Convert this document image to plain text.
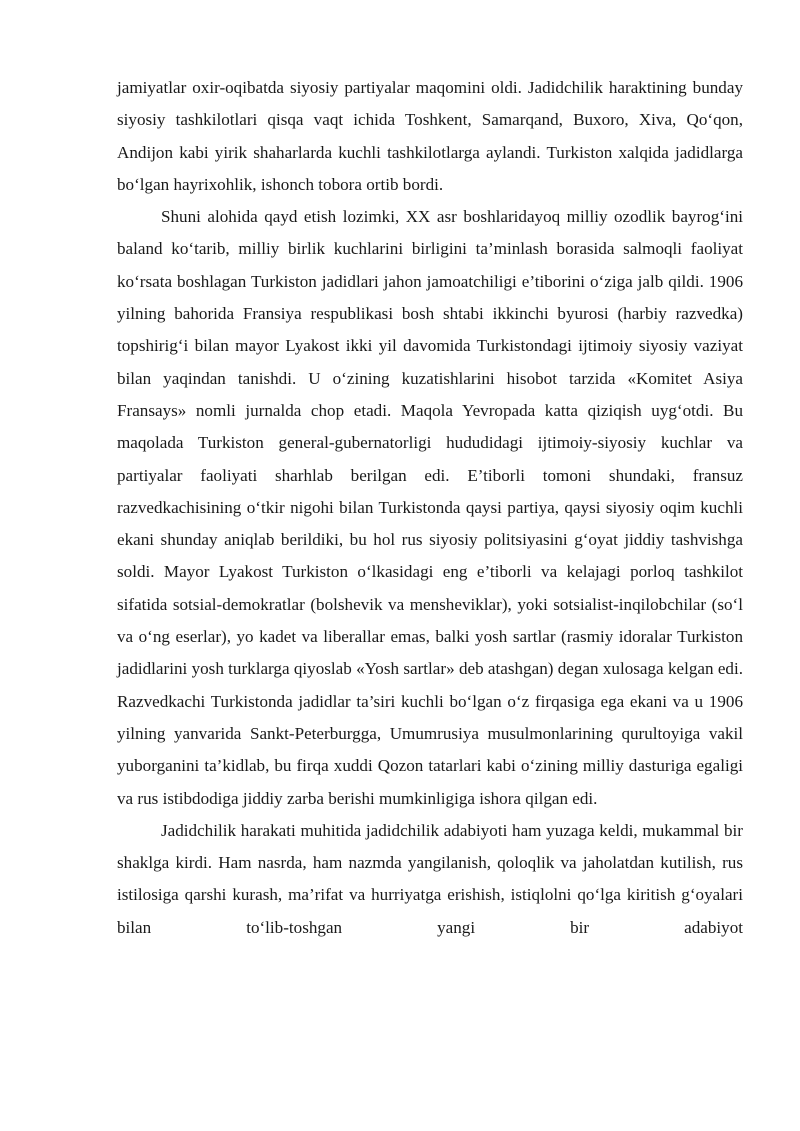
jamiyatlar oxir-oqibatda siyosiy partiyalar maqomini oldi. Jadidchilik haraktining bunday siyosiy tashkilotlari qisqa vaqt ichida Toshkent, Samarqand, Buxoro, Xiva, Qo‘qon, Andijon kabi yirik shaharlarda kuchli tashkilotlarga aylandi. Turkiston xalqida jadidlarga bo‘lgan hayrixohlik, ishonch tobora ortib bordi.

Shuni alohida qayd etish lozimki, XX asr boshlaridayoq milliy ozodlik bayrog‘ini baland ko‘tarib, milliy birlik kuchlarini birligini ta’minlash borasida salmoqli faoliyat ko‘rsata boshlagan Turkiston jadidlari jahon jamoatchiligi e’tiborini o‘ziga jalb qildi. 1906 yilning bahorida Fransiya respublikasi bosh shtabi ikkinchi byurosi (harbiy razvedka) topshirig‘i bilan mayor Lyakost ikki yil davomida Turkistondagi ijtimoiy siyosiy vaziyat bilan yaqindan tanishdi. U o‘zining kuzatishlarini hisobot tarzida «Komitet Asiya Fransays» nomli jurnalda chop etadi. Maqola Yevropada katta qiziqish uyg‘otdi. Bu maqolada Turkiston general-gubernatorligi hududidagi ijtimoiy-siyosiy kuchlar va partiyalar faoliyati sharhlab berilgan edi. E’tiborli tomoni shundaki, fransuz razvedkachisining o‘tkir nigohi bilan Turkistonda qaysi partiya, qaysi siyosiy oqim kuchli ekani shunday aniqlab berildiki, bu hol rus siyosiy politsiyasini g‘oyat jiddiy tashvishga soldi. Mayor Lyakost Turkiston o‘lkasidagi eng e’tiborli va kelajagi porloq tashkilot sifatida sotsial-demokratlar (bolshevik va mensheviklar), yoki sotsialist-inqilobchilar (so‘l va o‘ng eserlar), yo kadet va liberallar emas, balki yosh sartlar (rasmiy idoralar Turkiston jadidlarini yosh turklarga qiyoslab «Yosh sartlar» deb atashgan) degan xulosaga kelgan edi. Razvedkachi Turkistonda jadidlar ta’siri kuchli bo‘lgan o‘z firqasiga ega ekani va u 1906 yilning yanvarida Sankt-Peterburgga, Umumrusiya musulmonlarining qurultoyiga vakil yuborganini ta’kidlab, bu firqa xuddi Qozon tatarlari kabi o‘zining milliy dasturiga egaligi va rus istibdodiga jiddiy zarba berishi mumkinligiga ishora qilgan edi.

Jadidchilik harakati muhitida jadidchilik adabiyoti ham yuzaga keldi, mukammal bir shaklga kirdi. Ham nasrda, ham nazmda yangilanish, qoloqlik va jaholatdan kutilish, rus istilosiga qarshi kurash, ma’rifat va hurriyatga erishish, istiqlolni qo‘lga kiritish g‘oyalari bilan to‘lib-toshgan yangi bir adabiyot
